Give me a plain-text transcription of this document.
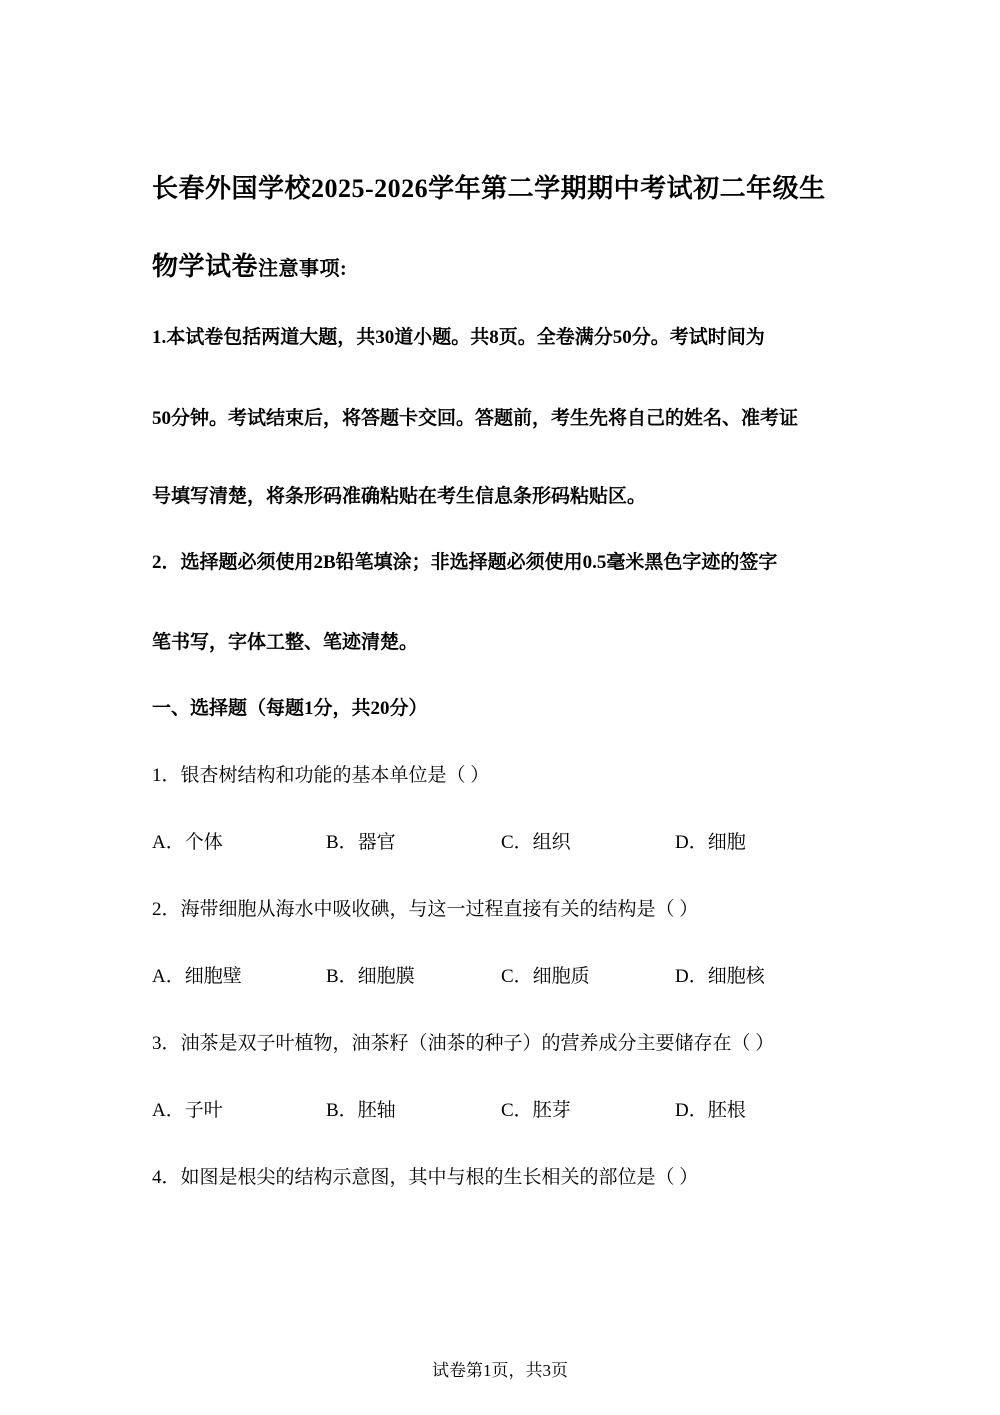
长春外国学校2025-2026学年第二学期期中考试初二年级生
物学试卷注意事项:
1.本试卷包括两道大题，共30道小题。共8页。全卷满分50分。考试时间为
50分钟。考试结束后，将答题卡交回。答题前，考生先将自己的姓名、准考证
号填写清楚，将条形码准确粘贴在考生信息条形码粘贴区。
2．选择题必须使用2B铅笔填涂；非选择题必须使用0.5毫米黑色字迹的签字
笔书写，字体工整、笔迹清楚。
一、选择题（每题1分，共20分）
1．银杏树结构和功能的基本单位是（ ）
A．个体	B．器官	C．组织	D．细胞
2．海带细胞从海水中吸收碘，与这一过程直接有关的结构是（ ）
A．细胞壁	B．细胞膜	C．细胞质	D．细胞核
3．油茶是双子叶植物，油茶籽（油茶的种子）的营养成分主要储存在（ ）
A．子叶	B．胚轴	C．胚芽	D．胚根
4．如图是根尖的结构示意图，其中与根的生长相关的部位是（ ）
试卷第1页，共3页
